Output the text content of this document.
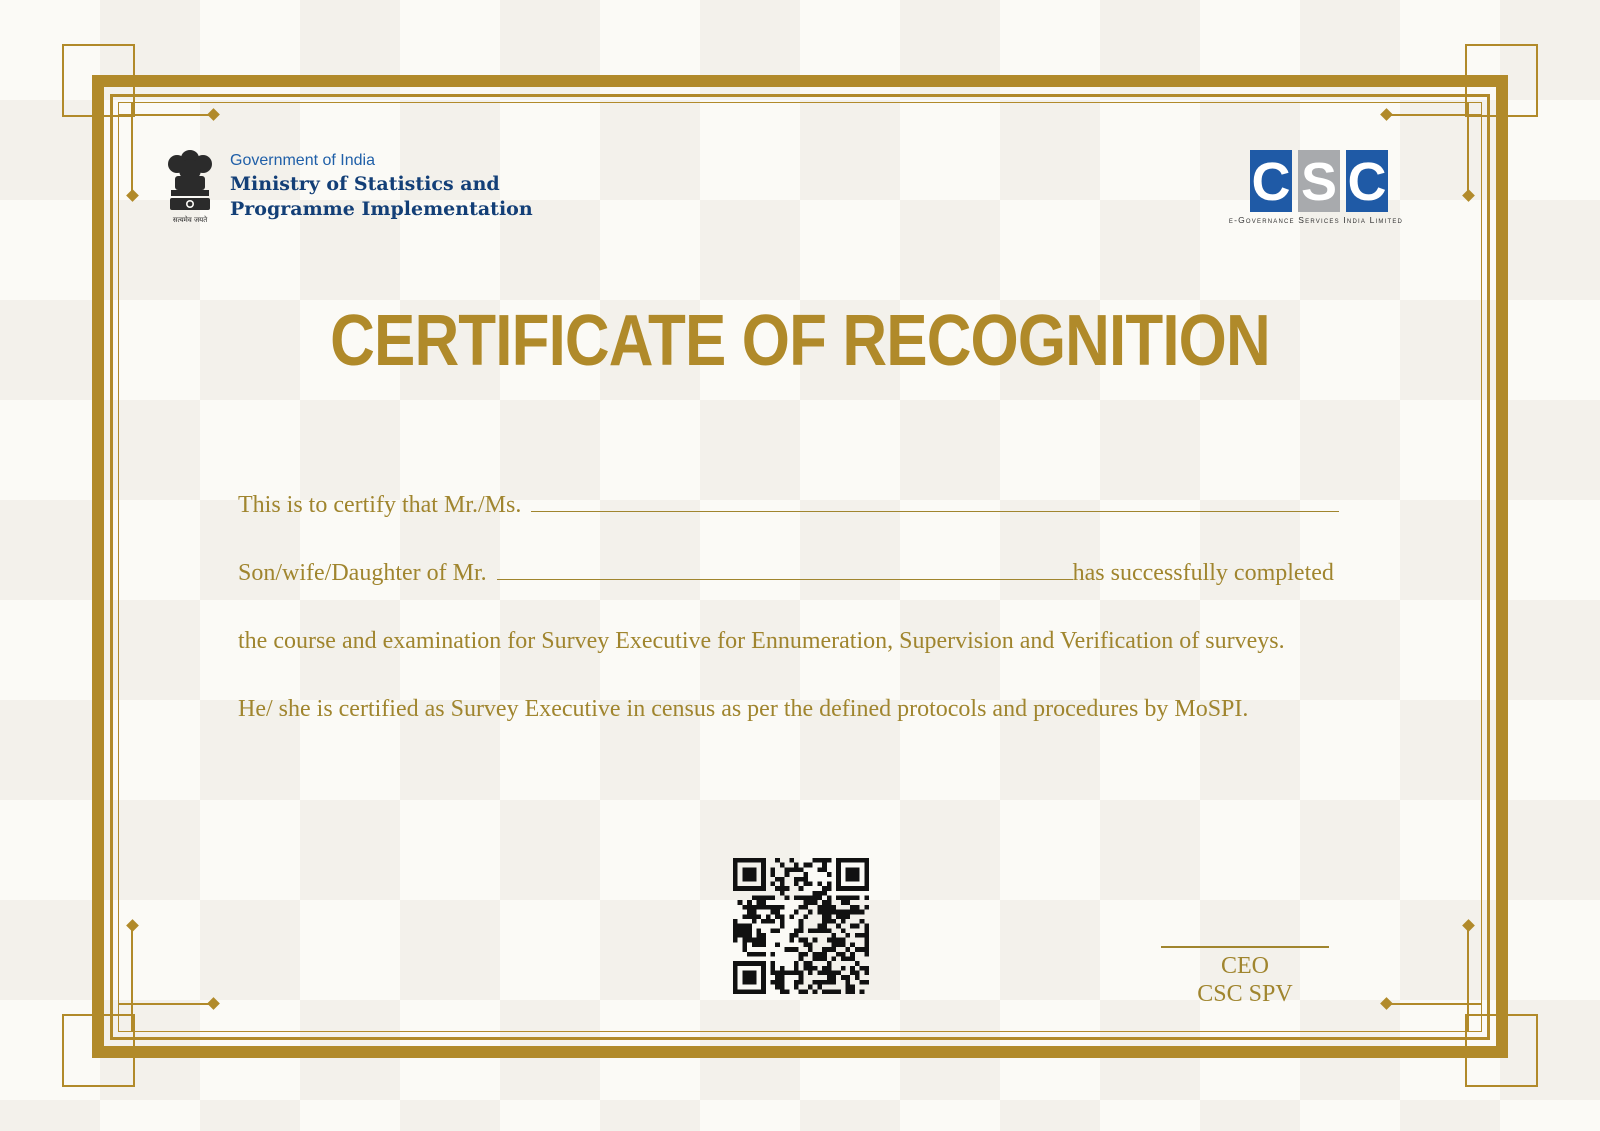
सत्यमेव जयते
Government of India
Ministry of Statistics and
Programme Implementation	C S C
e-Governance Services India Limited
CERTIFICATE OF RECOGNITION
This is to certify that Mr./Ms.
Son/wife/Daughter of Mr.	has successfully completed
the course and examination for Survey Executive for Ennumeration, Supervision and Verification of surveys.
He/ she is certified as Survey Executive in census as per the defined protocols and procedures by MoSPI.
CEO
CSC SPV
